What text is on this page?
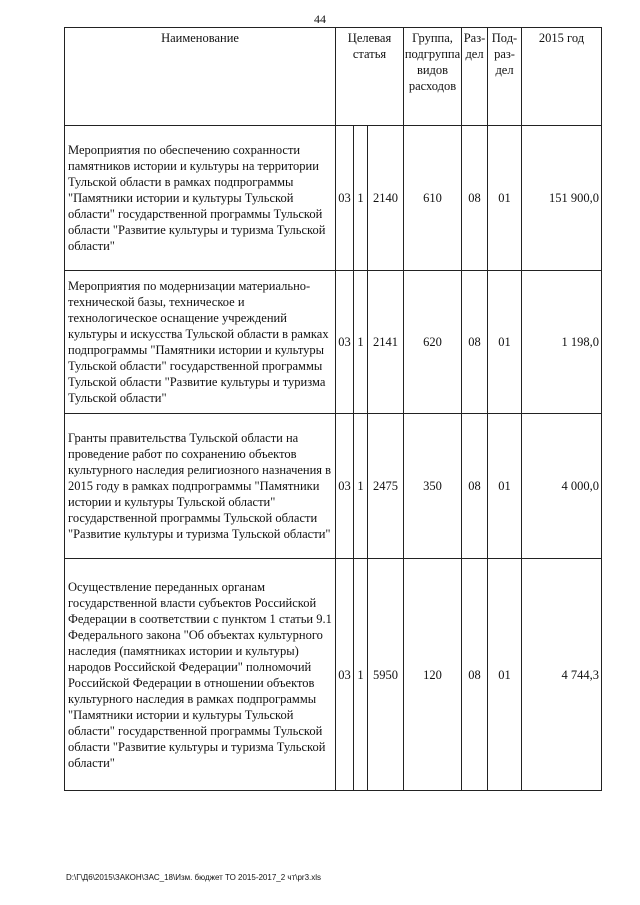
44
Наименование	Целевая статья			Группа, подгруппа видов расходов	Раз-дел	Под-раз-дел	2015 год
Мероприятия по обеспечению сохранности памятников истории и культуры на территории Тульской области в рамках подпрограммы "Памятники истории и культуры Тульской области" государственной программы Тульской области "Развитие культуры и туризма Тульской области"	03	1	2140	610	08	01	151 900,0
Мероприятия по модернизации материально-технической базы, техническое и технологическое оснащение учреждений культуры и искусства Тульской области в рамках подпрограммы "Памятники истории и культуры Тульской области" государственной программы Тульской области "Развитие культуры и туризма Тульской области"	03	1	2141	620	08	01	1 198,0
Гранты правительства Тульской области на проведение работ по сохранению объектов культурного наследия религиозного назначения в 2015 году в рамках подпрограммы "Памятники истории и культуры Тульской области" государственной программы Тульской области "Развитие культуры и туризма Тульской области"	03	1	2475	350	08	01	4 000,0
Осуществление переданных органам государственной власти субъектов Российской Федерации в соответствии с пунктом 1 статьи 9.1 Федерального закона "Об объектах культурного наследия (памятниках истории и культуры) народов Российской Федерации" полномочий Российской Федерации в отношении объектов культурного наследия в рамках подпрограммы "Памятники истории и культуры Тульской области" государственной программы Тульской области "Развитие культуры и туризма Тульской области"	03	1	5950	120	08	01	4 744,3
D:\Г\Д6\2015\ЗАКОН\ЗАС_18\Изм. бюджет ТО 2015-2017_2 чт\pr3.xls
